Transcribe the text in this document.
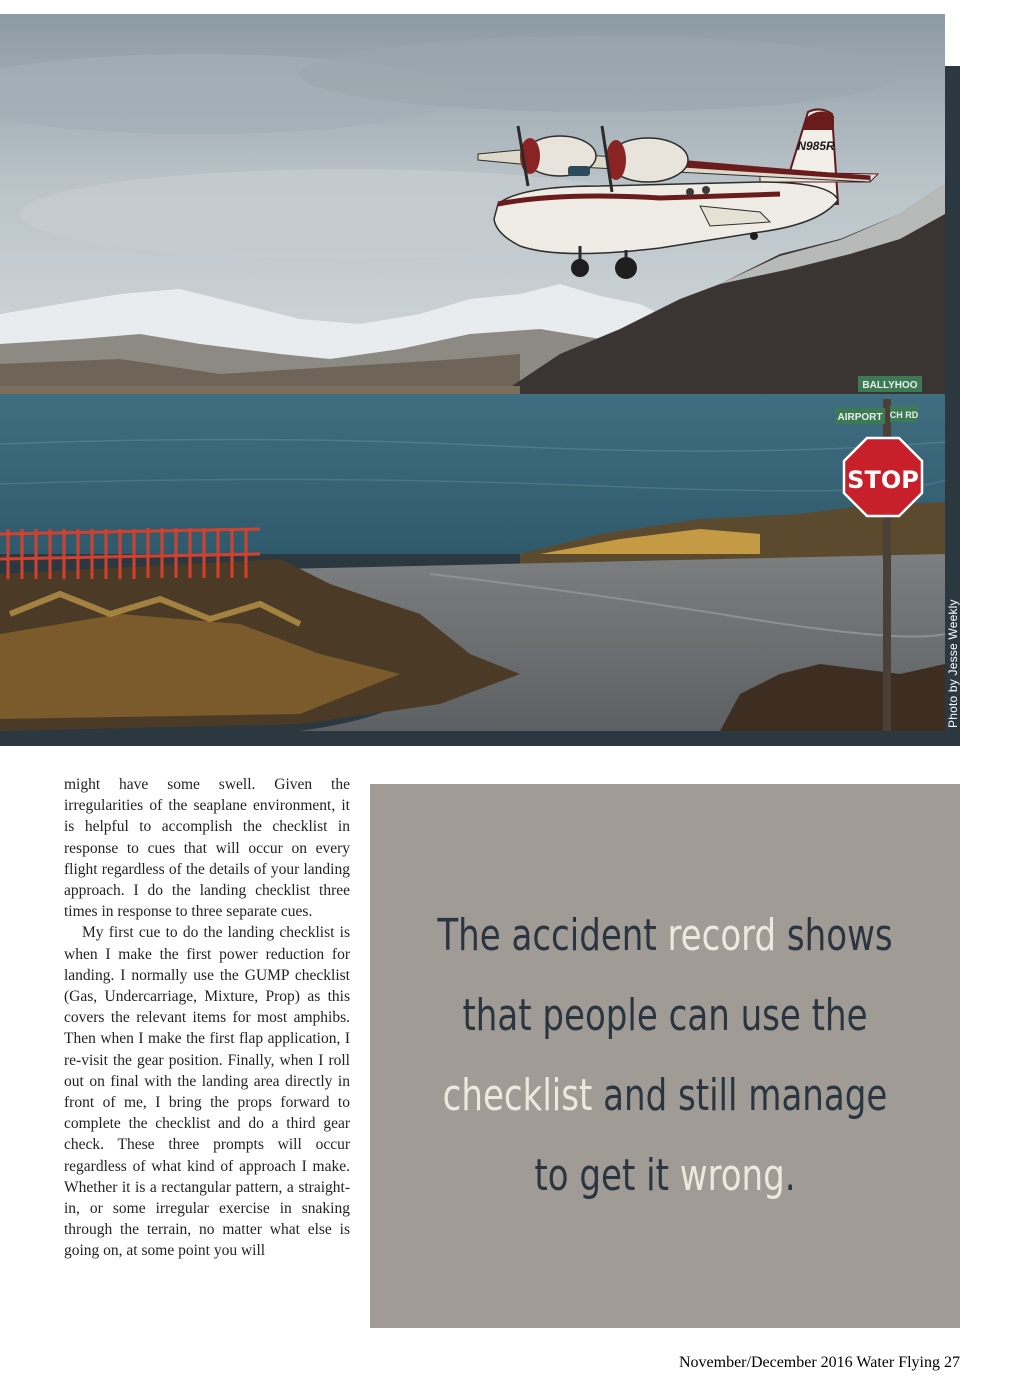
BALLYHOO
AIRPORT CH RD
STOP
N985R
Photo by Jesse Weekly

might have some swell. Given the irregularities of the seaplane environment, it is helpful to accomplish the checklist in response to cues that will occur on every flight regardless of the details of your landing approach. I do the landing checklist three times in response to three separate cues.

My first cue to do the landing checklist is when I make the first power reduction for landing. I normally use the GUMP checklist (Gas, Undercarriage, Mixture, Prop) as this covers the relevant items for most amphibs. Then when I make the first flap application, I re-visit the gear position. Finally, when I roll out on final with the landing area directly in front of me, I bring the props forward to complete the checklist and do a third gear check. These three prompts will occur regardless of what kind of approach I make. Whether it is a rectangular pattern, a straight-in, or some irregular exercise in snaking through the terrain, no matter what else is going on, at some point you will

The accident record shows that people can use the checklist and still manage to get it wrong.
November/December 2016 Water Flying 27
